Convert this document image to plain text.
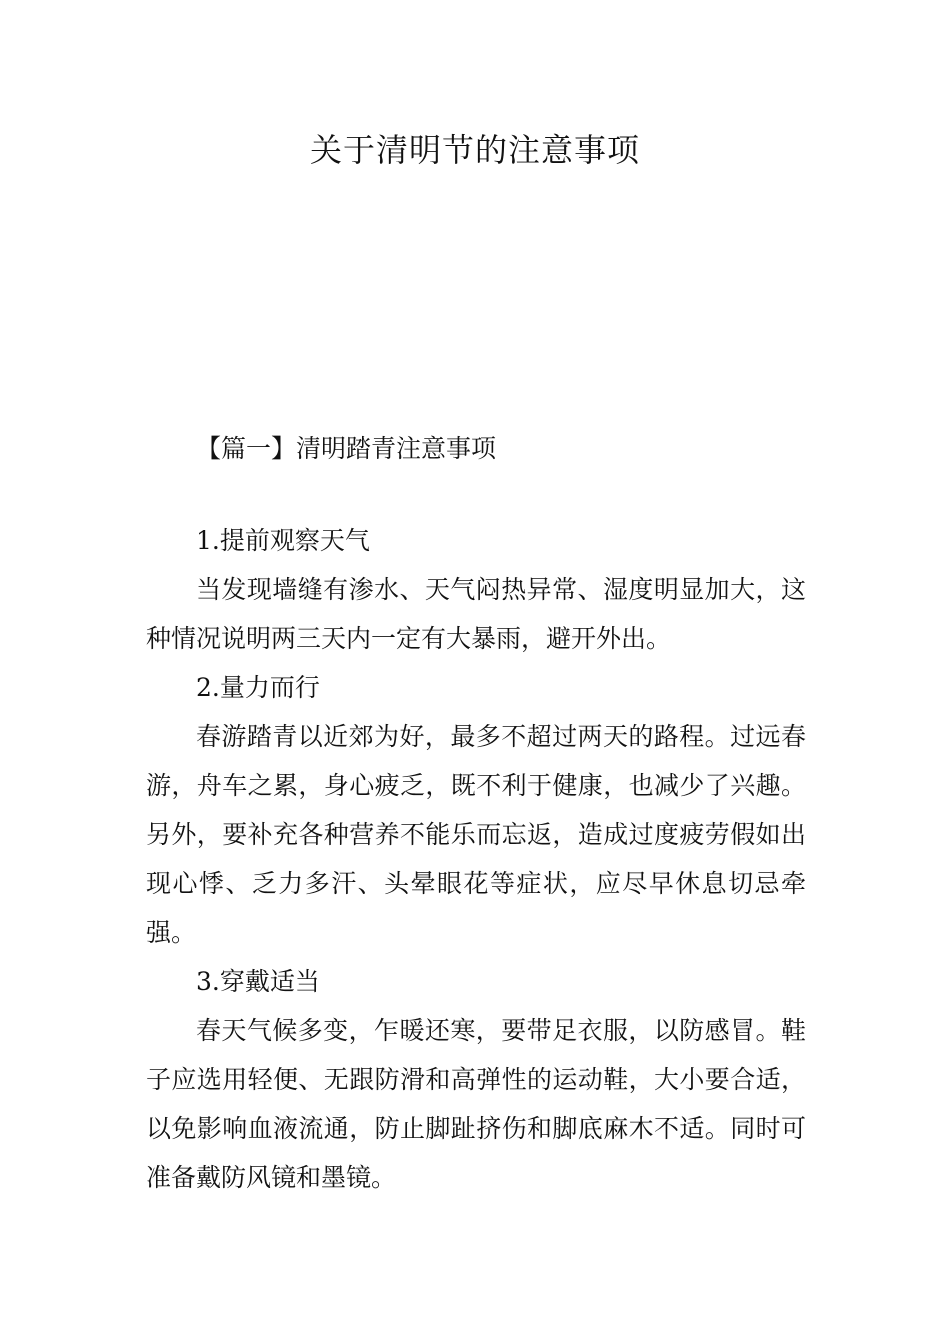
关于清明节的注意事项

【篇一】清明踏青注意事项

1.提前观察天气

当发现墙缝有渗水、天气闷热异常、湿度明显加大，这种情况说明两三天内一定有大暴雨，避开外出。

2.量力而行

春游踏青以近郊为好，最多不超过两天的路程。过远春游，舟车之累，身心疲乏，既不利于健康，也减少了兴趣。另外，要补充各种营养不能乐而忘返，造成过度疲劳假如出现心悸、乏力多汗、头晕眼花等症状，应尽早休息切忌牵强。

3.穿戴适当

春天气候多变，乍暖还寒，要带足衣服，以防感冒。鞋子应选用轻便、无跟防滑和高弹性的运动鞋，大小要合适，以免影响血液流通，防止脚趾挤伤和脚底麻木不适。同时可准备戴防风镜和墨镜。
